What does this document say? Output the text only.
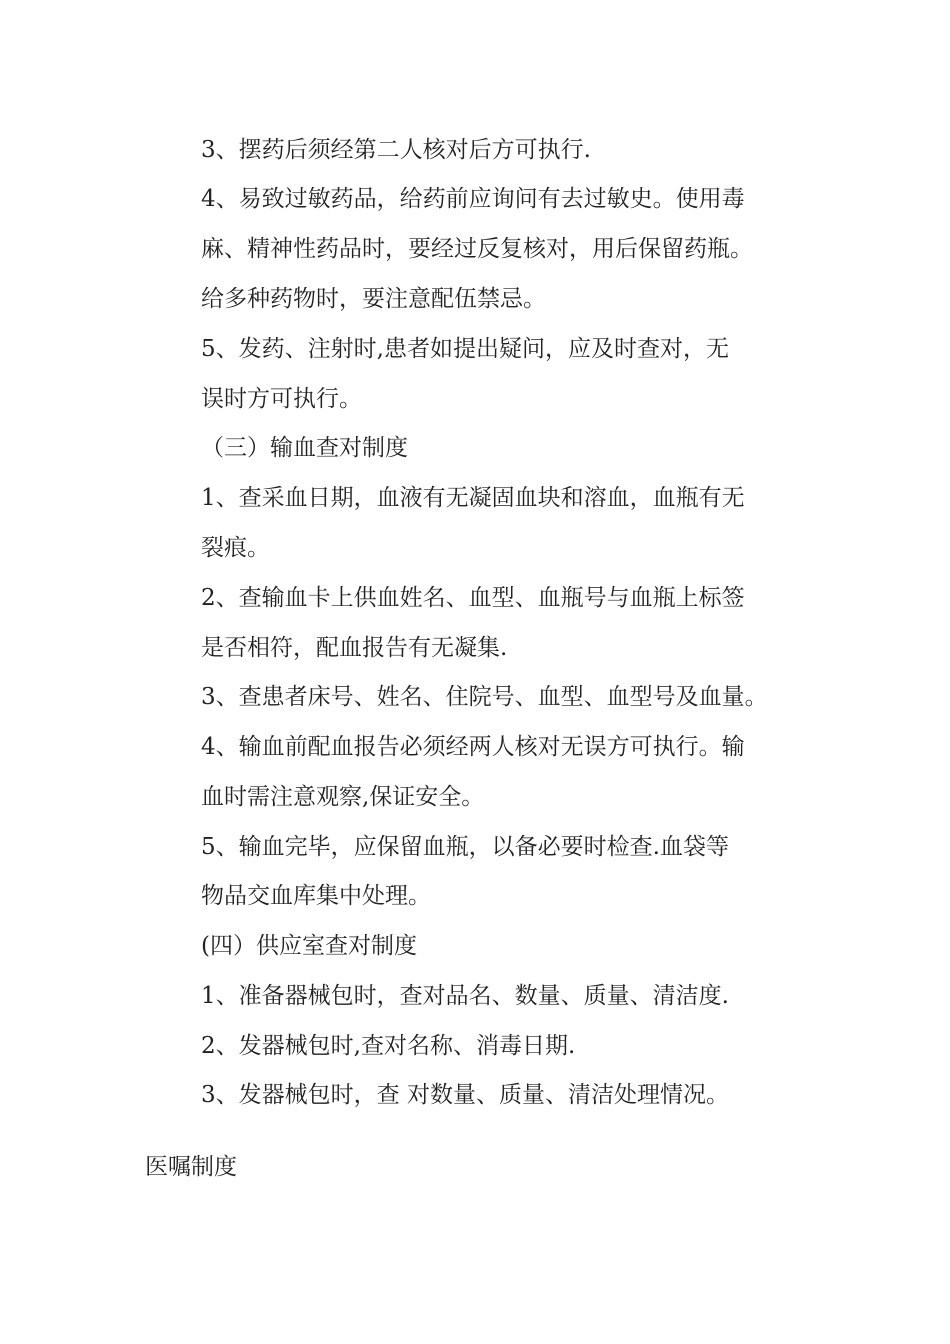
3、摆药后须经第二人核对后方可执行.
4、易致过敏药品，给药前应询问有去过敏史。使用毒
麻、精神性药品时，要经过反复核对，用后保留药瓶。
给多种药物时，要注意配伍禁忌。
5、发药、注射时,患者如提出疑问，应及时查对，无
误时方可执行。
（三）输血查对制度
1、查采血日期，血液有无凝固血块和溶血，血瓶有无
裂痕。
2、查输血卡上供血姓名、血型、血瓶号与血瓶上标签
是否相符，配血报告有无凝集.
3、查患者床号、姓名、住院号、血型、血型号及血量。
4、输血前配血报告必须经两人核对无误方可执行。输
血时需注意观察,保证安全。
5、输血完毕，应保留血瓶，以备必要时检查.血袋等
物品交血库集中处理。
(四）供应室查对制度
1、准备器械包时，查对品名、数量、质量、清洁度.
2、发器械包时,查对名称、消毒日期.
3、发器械包时，查 对数量、质量、清洁处理情况。
医嘱制度
